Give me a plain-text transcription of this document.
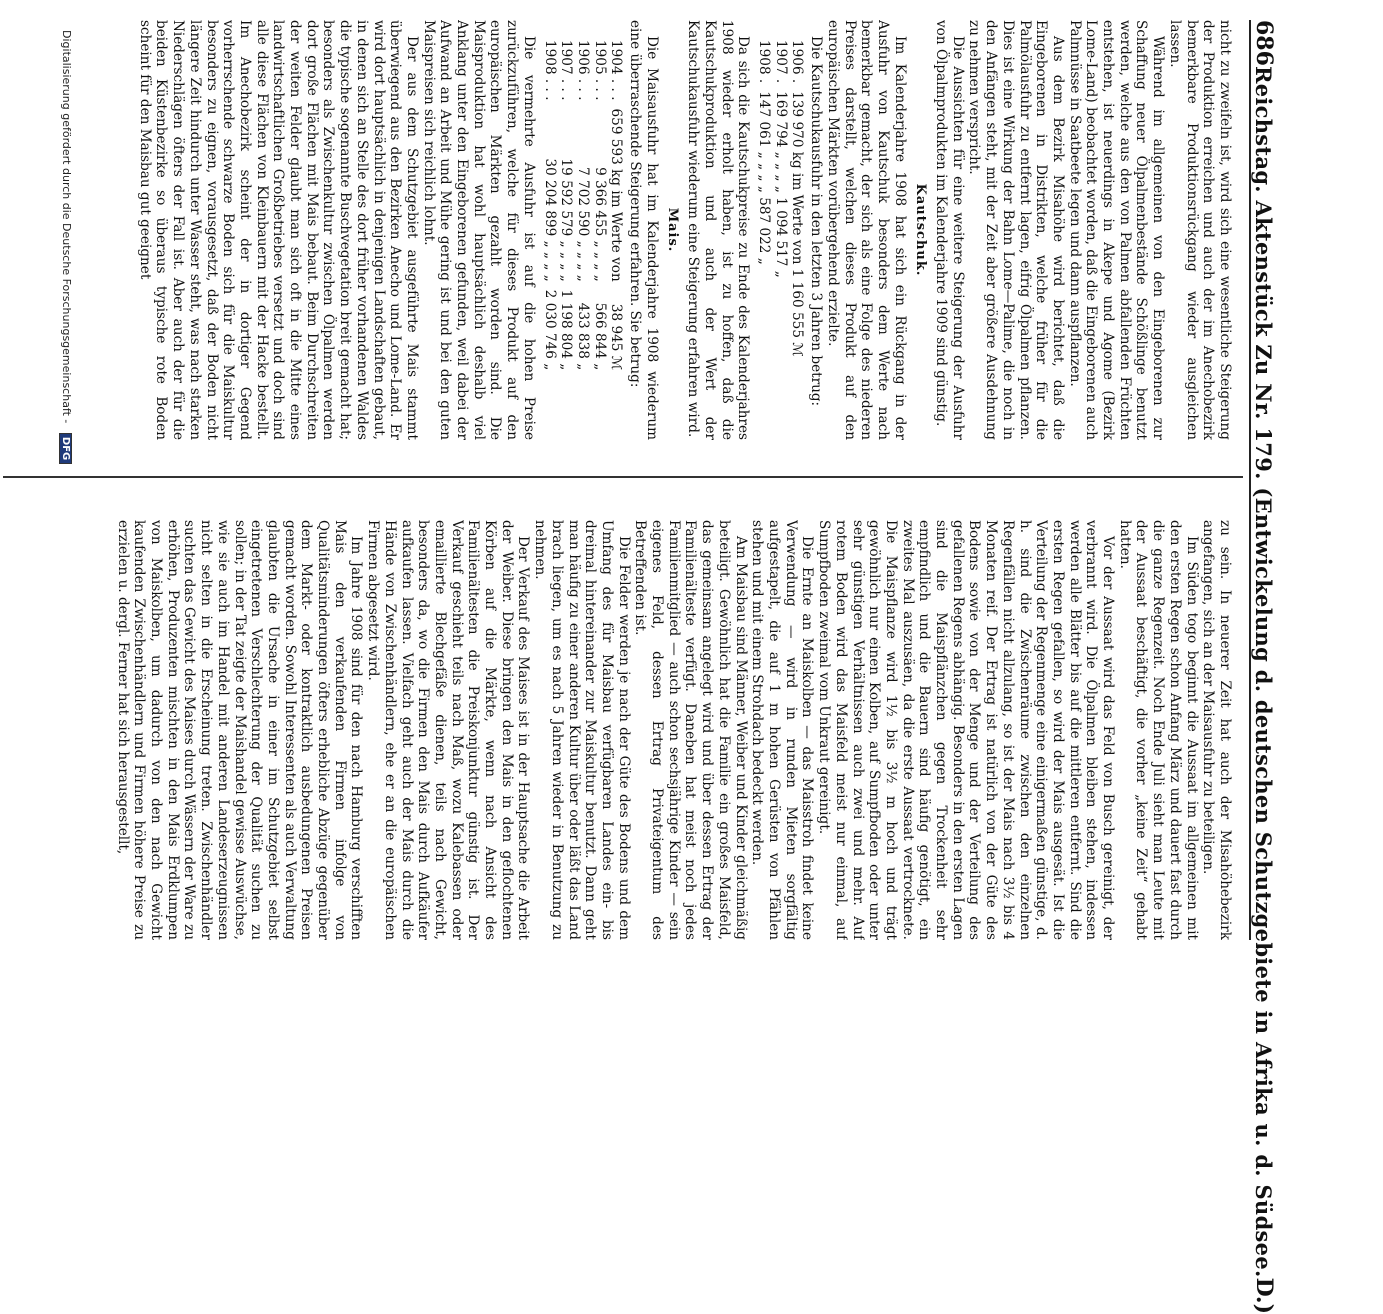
686
Reichstag. Aktenstück Zu Nr. 179. (Entwickelung d. deutschen Schutzgebiete in Afrika u. d. Südsee.
D.)

nicht zu zweifeln ist, wird sich eine wesentliche Steigerung der Produktion erreichen und auch der im Anechobezirk bemerkbare Produktionsrückgang wieder ausgleichen lassen.

Während im allgemeinen von den Eingeborenen zur Schaffung neuer Ölpalmenbestände Schößlinge benutzt werden, welche aus den von Palmen abfallenden Früchten entstehen, ist neuerdings in Akepe und Agome (Bezirk Lome-Land) beobachtet worden, daß die Eingeborenen auch Palmnüsse in Saatbeete legen und dann auspflanzen.

Aus dem Bezirk Misahöhe wird berichtet, daß die Eingeborenen in Distrikten, welche früher für die Palmölausfuhr zu entfernt lagen, eifrig Ölpalmen pflanzen. Dies ist eine Wirkung der Bahn Lome—Palime, die noch in den Anfängen steht, mit der Zeit aber größere Ausdehnung zu nehmen verspricht.

Die Aussichten für eine weitere Steigerung der Ausfuhr von Ölpalmprodukten im Kalenderjahre 1909 sind günstig.

Kautschuk.

Im Kalenderjahre 1908 hat sich ein Rückgang in der Ausfuhr von Kautschuk besonders dem Werte nach bemerkbar gemacht, der sich als eine Folge des niederen Preises darstellt, welchen dieses Produkt auf den europäischen Märkten vorübergehend erzielte.

Die Kautschukausfuhr in den letzten 3 Jahren betrug:

1906 .	139 970 kg im Werte von 1 160 555 ℳ
1907 .	169 794 „ „ „ „ 1 094 517 „
1908 .	147 061 „ „ „ „ 587 022 „

Da sich die Kautschukpreise zu Ende des Kalenderjahres 1908 wieder erholt haben, ist zu hoffen, daß die Kautschukproduktion und auch der Wert der Kautschukausfuhr wiederum eine Steigerung erfahren wird.

Mais.

Die Maisausfuhr hat im Kalenderjahre 1908 wiederum eine überraschende Steigerung erfahren. Sie betrug:

1904 . . .	659 593 kg im Werte von	38 945 ℳ
1905 . . .	9 366 455 „ „ „ „	566 844 „
1906 . . .	7 702 590 „ „ „ „	433 838 „
1907 . . .	19 592 579 „ „ „ „	1 198 804 „
1908 . . .	30 204 899 „ „ „ „	2 030 746 „

Die vermehrte Ausfuhr ist auf die hohen Preise zurückzuführen, welche für dieses Produkt auf den europäischen Märkten gezahlt worden sind. Die Maisproduktion hat wohl hauptsächlich deshalb viel Anklang unter den Eingeborenen gefunden, weil dabei der Aufwand an Arbeit und Mühe gering ist und bei den guten Maispreisen sich reichlich lohnt.

Der aus dem Schutzgebiet ausgeführte Mais stammt überwiegend aus den Bezirken Anecho und Lome-Land. Er wird dort hauptsächlich in denjenigen Landschaften gebaut, in denen sich an Stelle des dort früher vorhandenen Waldes die typische sogenannte Buschvegetation breit gemacht hat; besonders als Zwischenkultur zwischen Ölpalmen werden dort große Flächen mit Mais bebaut. Beim Durchschreiten der weiten Felder glaubt man sich oft in die Mitte eines landwirtschaftlichen Großbetriebes versetzt und doch sind alle diese Flächen von Kleinbauern mit der Hacke bestellt. Im Anechobezirk scheint der in dortiger Gegend vorherrschende schwarze Boden sich für die Maiskultur besonders zu eignen, vorausgesetzt, daß der Boden nicht längere Zeit hindurch unter Wasser steht, was nach starken Niederschlägen öfters der Fall ist. Aber auch der für die beiden Küstenbezirke so überaus typische rote Boden scheint für den Maisbau gut geeignet

zu sein. In neuerer Zeit hat auch der Misahöhebezirk angefangen, sich an der Maisausfuhr zu beteiligen.

Im Süden togo beginnt die Aussaat im allgemeinen mit den ersten Regen schon Anfang März und dauert fast durch die ganze Regenzeit. Noch Ende Juli sieht man Leute mit der Aussaat beschäftigt, die vorher „keine Zeit“ gehabt hatten.

Vor der Aussaat wird das Feld von Busch gereinigt, der verbrannt wird. Die Ölpalmen bleiben stehen, indessen werden alle Blätter bis auf die mittleren entfernt. Sind die ersten Regen gefallen, so wird der Mais ausgesät. Ist die Verteilung der Regenmenge eine einigermaßen günstige, d. h. sind die Zwischenräume zwischen den einzelnen Regenfällen nicht allzulang, so ist der Mais nach 3½ bis 4 Monaten reif. Der Ertrag ist natürlich von der Güte des Bodens sowie von der Menge und der Verteilung des gefallenen Regens abhängig. Besonders in den ersten Lagen sind die Maispflänzchen gegen Trockenheit sehr empfindlich und die Bauern sind häufig genötigt, ein zweites Mal auszusäen, da die erste Aussaat vertrocknete. Die Maispflanze wird 1½ bis 3½ m hoch und trägt gewöhnlich nur einen Kolben, auf Sumpfboden oder unter sehr günstigen Verhältnissen auch zwei und mehr. Auf rotem Boden wird das Maisfeld meist nur einmal, auf Sumpfboden zweimal vom Unkraut gereinigt.

Die Ernte an Maiskolben — das Maisstroh findet keine Verwendung — wird in runden Mieten sorgfältig aufgestapelt, die auf 1 m hohen Gerüsten von Pfählen stehen und mit einem Strohdach bedeckt werden.

Am Maisbau sind Männer, Weiber und Kinder gleichmäßig beteiligt. Gewöhnlich hat die Familie ein großes Maisfeld, das gemeinsam angelegt wird und über dessen Ertrag der Familienälteste verfügt. Daneben hat meist noch jedes Familienmitglied — auch schon sechsjährige Kinder — sein eigenes Feld, dessen Ertrag Privateigentum des Betreffenden ist.

Die Felder werden je nach der Güte des Bodens und dem Umfang des für Maisbau verfügbaren Landes ein- bis dreimal hintereinander zur Maiskultur benutzt. Dann geht man häufig zu einer anderen Kultur über oder läßt das Land brach liegen, um es nach 5 Jahren wieder in Benutzung zu nehmen.

Der Verkauf des Maises ist in der Hauptsache die Arbeit der Weiber. Diese bringen den Mais in den geflochtenen Körben auf die Märkte, wenn nach Ansicht des Familienältesten die Preiskonjunktur günstig ist. Der Verkauf geschieht teils nach Maß, wozu Kalebassen oder emaillierte Blechgefäße dienen, teils nach Gewicht, besonders da, wo die Firmen den Mais durch Aufkäufer aufkaufen lassen. Vielfach geht auch der Mais durch die Hände von Zwischenhändlern, ehe er an die europäischen Firmen abgesetzt wird.

Im Jahre 1908 sind für den nach Hamburg verschifften Mais den verkaufenden Firmen infolge von Qualitätsminderungen öfters erhebliche Abzüge gegenüber dem Markt- oder kontraktlich ausbedungenen Preisen gemacht worden. Sowohl Interessenten als auch Verwaltung glaubten die Ursache in einer im Schutzgebiet selbst eingetretenen Verschlechterung der Qualität suchen zu sollen; in der Tat zeigte der Maishandel gewisse Auswüchse, wie sie auch im Handel mit anderen Landeserzeugnissen nicht selten in die Erscheinung treten. Zwischenhändler suchten das Gewicht des Maises durch Wässern der Ware zu erhöhen, Produzenten mischten in den Mais Erdklumpen von Maiskolben, um dadurch von den nach Gewicht kaufenden Zwischenhändlern und Firmen höhere Preise zu erzielen u. dergl. Ferner hat sich herausgestellt,

Digitalisierung gefördert durch die Deutsche Forschungsgemeinschaft - DFG
